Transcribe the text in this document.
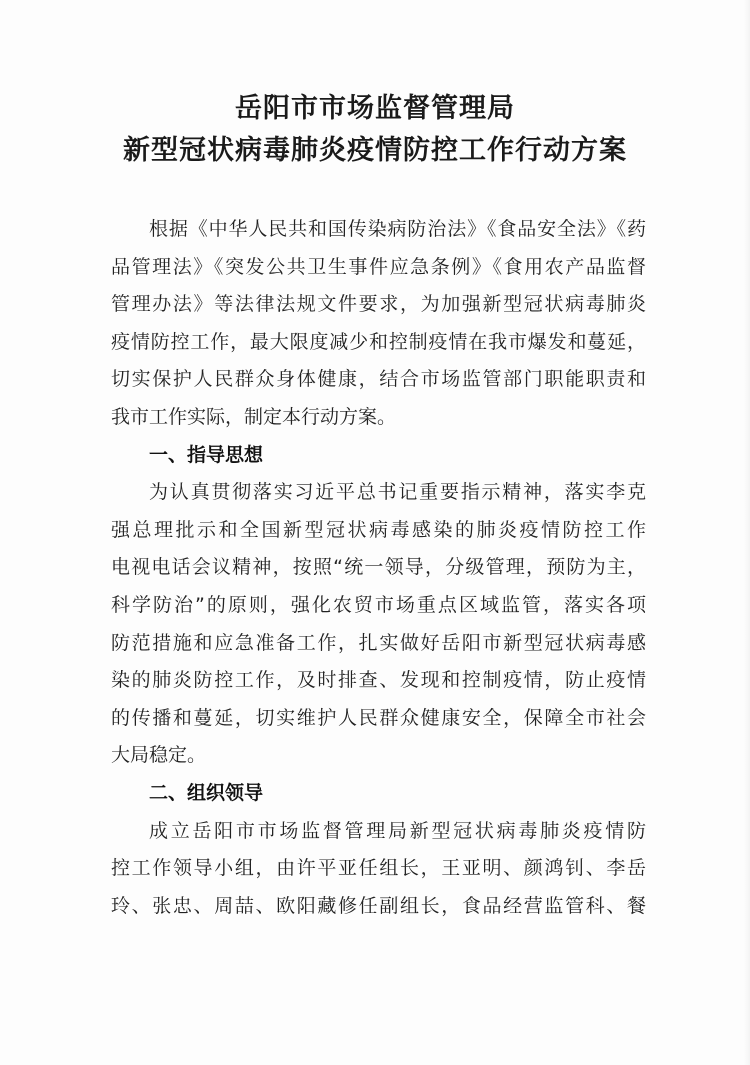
岳阳市市场监督管理局
新型冠状病毒肺炎疫情防控工作行动方案
根据《中华人民共和国传染病防治法》《食品安全法》《药
品管理法》《突发公共卫生事件应急条例》《食用农产品监督
管理办法》等法律法规文件要求，为加强新型冠状病毒肺炎
疫情防控工作，最大限度减少和控制疫情在我市爆发和蔓延，
切实保护人民群众身体健康，结合市场监管部门职能职责和
我市工作实际，制定本行动方案。
一、指导思想
为认真贯彻落实习近平总书记重要指示精神，落实李克
强总理批示和全国新型冠状病毒感染的肺炎疫情防控工作
电视电话会议精神，按照“统一领导，分级管理，预防为主，
科学防治”的原则，强化农贸市场重点区域监管，落实各项
防范措施和应急准备工作，扎实做好岳阳市新型冠状病毒感
染的肺炎防控工作，及时排查、发现和控制疫情，防止疫情
的传播和蔓延，切实维护人民群众健康安全，保障全市社会
大局稳定。
二、组织领导
成立岳阳市市场监督管理局新型冠状病毒肺炎疫情防
控工作领导小组，由许平亚任组长，王亚明、颜鸿钊、李岳
玲、张忠、周喆、欧阳藏修任副组长，食品经营监管科、餐
